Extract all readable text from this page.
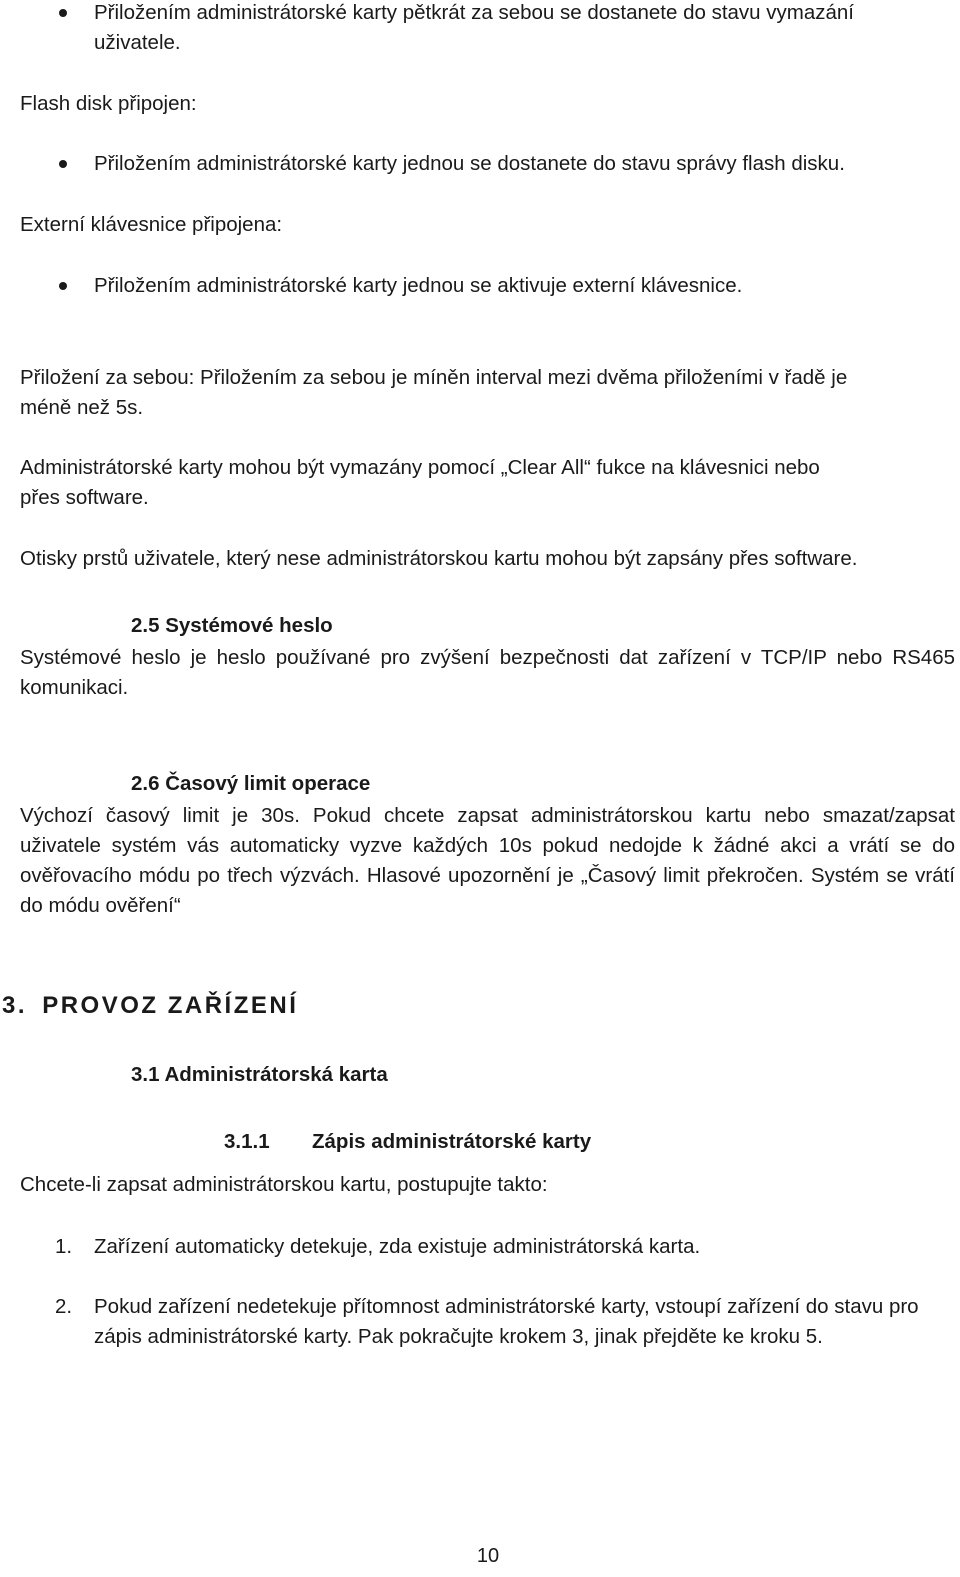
Přiložením administrátorské karty pětkrát za sebou se dostanete do stavu vymazání
uživatele.
Flash disk připojen:
Přiložením administrátorské karty jednou se dostanete do stavu správy flash disku.
Externí klávesnice připojena:
Přiložením administrátorské karty jednou se aktivuje externí klávesnice.
Přiložení za sebou: Přiložením za sebou je míněn interval mezi dvěma přiloženími v řadě je
méně než 5s.
Administrátorské karty mohou být vymazány pomocí „Clear All“ fukce na klávesnici nebo
přes software.
Otisky prstů uživatele, který nese administrátorskou kartu mohou být zapsány přes software.
2.5 Systémové heslo
Systémové heslo je heslo používané pro zvýšení bezpečnosti dat zařízení v TCP/IP nebo RS465 komunikaci.
2.6 Časový limit operace
Výchozí časový limit je 30s. Pokud chcete zapsat administrátorskou kartu nebo smazat/zapsat uživatele systém vás automaticky vyzve každých 10s pokud nedojde k žádné akci a vrátí se do ověřovacího módu po třech výzvách. Hlasové upozornění je „Časový limit překročen. Systém se vrátí do módu ověření“
3. PROVOZ ZAŘÍZENÍ
3.1 Administrátorská karta
3.1.1 Zápis administrátorské karty
Chcete-li zapsat administrátorskou kartu, postupujte takto:
1. Zařízení automaticky detekuje, zda existuje administrátorská karta.
2. Pokud zařízení nedetekuje přítomnost administrátorské karty, vstoupí zařízení do stavu pro zápis administrátorské karty. Pak pokračujte krokem 3, jinak přejděte ke kroku 5.
10
